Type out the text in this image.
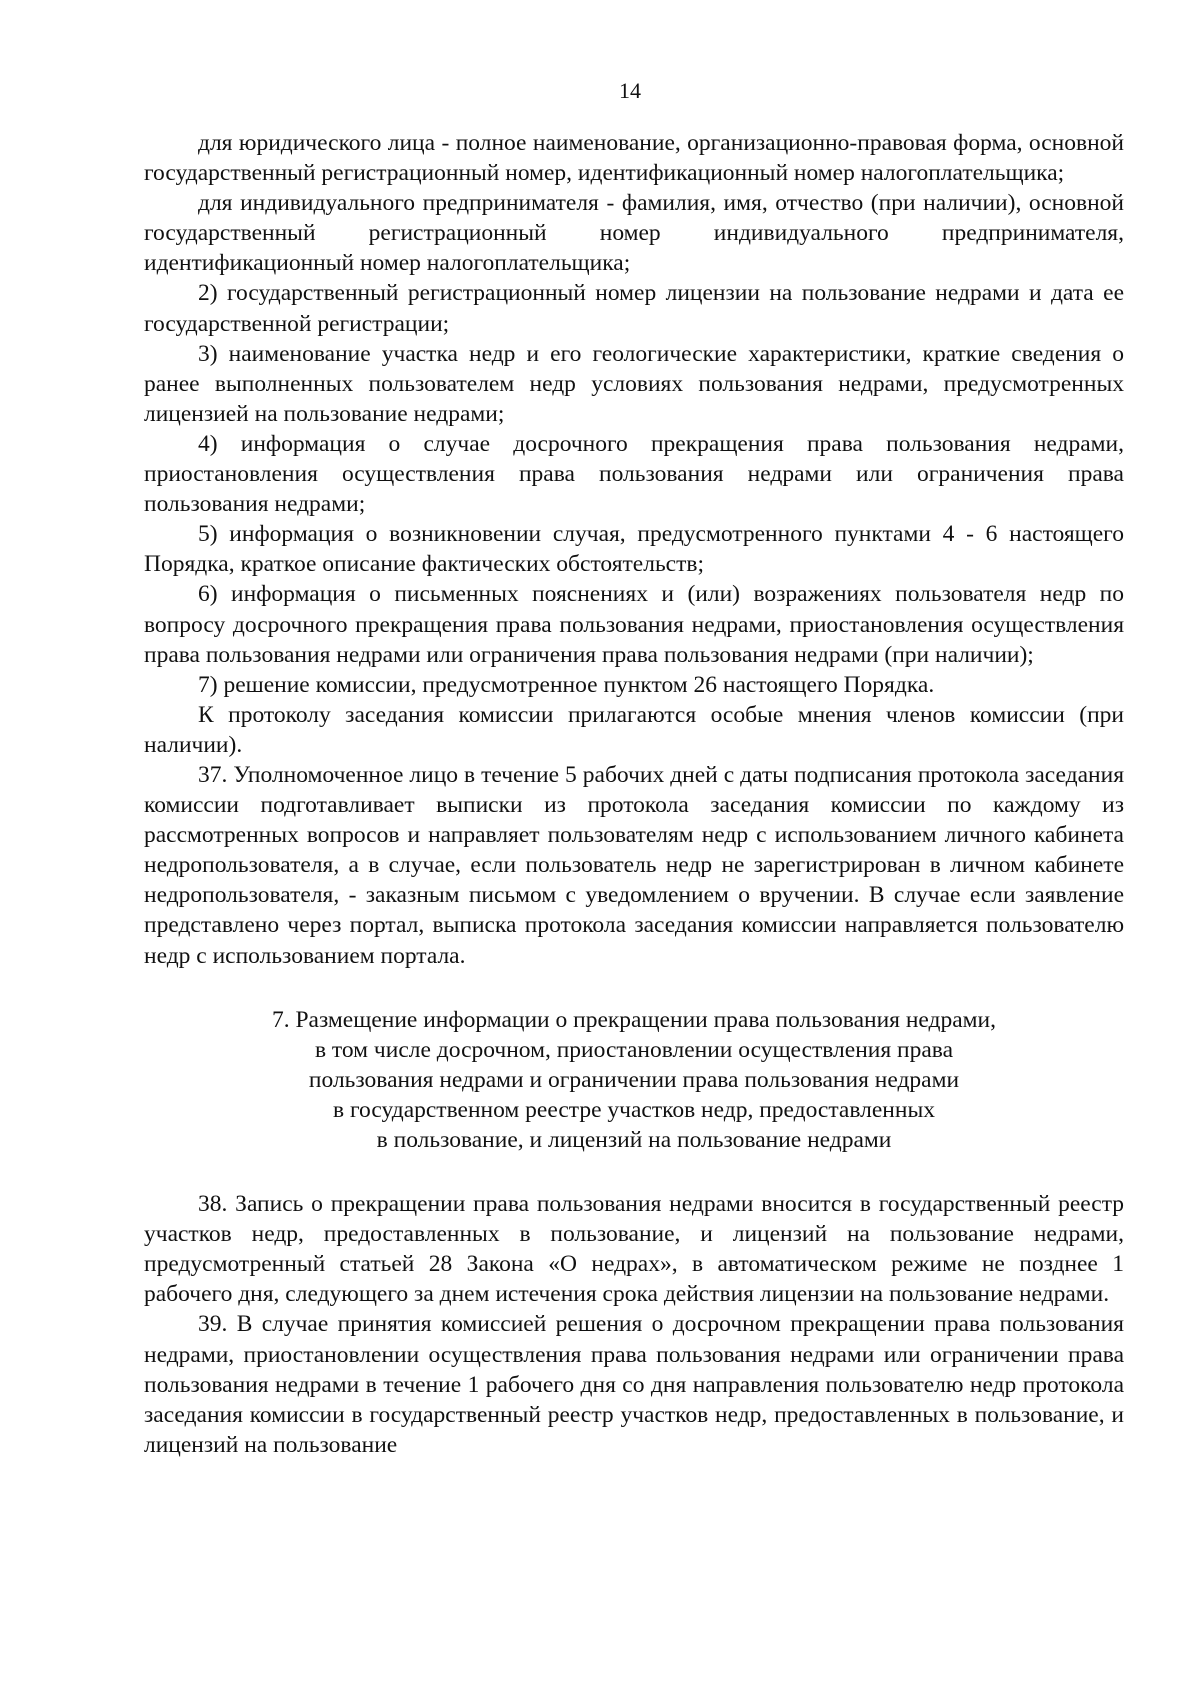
14

для юридического лица - полное наименование, организационно-правовая форма, основной государственный регистрационный номер, идентификационный номер налогоплательщика;

для индивидуального предпринимателя - фамилия, имя, отчество (при наличии), основной государственный регистрационный номер индивидуального предпринимателя, идентификационный номер налогоплательщика;

2) государственный регистрационный номер лицензии на пользование недрами и дата ее государственной регистрации;

3) наименование участка недр и его геологические характеристики, краткие сведения о ранее выполненных пользователем недр условиях пользования недрами, предусмотренных лицензией на пользование недрами;

4) информация о случае досрочного прекращения права пользования недрами, приостановления осуществления права пользования недрами или ограничения права пользования недрами;

5) информация о возникновении случая, предусмотренного пунктами 4 - 6 настоящего Порядка, краткое описание фактических обстоятельств;

6) информация о письменных пояснениях и (или) возражениях пользователя недр по вопросу досрочного прекращения права пользования недрами, приостановления осуществления права пользования недрами или ограничения права пользования недрами (при наличии);

7) решение комиссии, предусмотренное пунктом 26 настоящего Порядка.

К протоколу заседания комиссии прилагаются особые мнения членов комиссии (при наличии).

37. Уполномоченное лицо в течение 5 рабочих дней с даты подписания протокола заседания комиссии подготавливает выписки из протокола заседания комиссии по каждому из рассмотренных вопросов и направляет пользователям недр с использованием личного кабинета недропользователя, а в случае, если пользователь недр не зарегистрирован в личном кабинете недропользователя, - заказным письмом с уведомлением о вручении. В случае если заявление представлено через портал, выписка протокола заседания комиссии направляется пользователю недр с использованием портала.

7. Размещение информации о прекращении права пользования недрами,
в том числе досрочном, приостановлении осуществления права
пользования недрами и ограничении права пользования недрами
в государственном реестре участков недр, предоставленных
в пользование, и лицензий на пользование недрами

38. Запись о прекращении права пользования недрами вносится в государственный реестр участков недр, предоставленных в пользование, и лицензий на пользование недрами, предусмотренный статьей 28 Закона «О недрах», в автоматическом режиме не позднее 1 рабочего дня, следующего за днем истечения срока действия лицензии на пользование недрами.

39. В случае принятия комиссией решения о досрочном прекращении права пользования недрами, приостановлении осуществления права пользования недрами или ограничении права пользования недрами в течение 1 рабочего дня со дня направления пользователю недр протокола заседания комиссии в государственный реестр участков недр, предоставленных в пользование, и лицензий на пользование
